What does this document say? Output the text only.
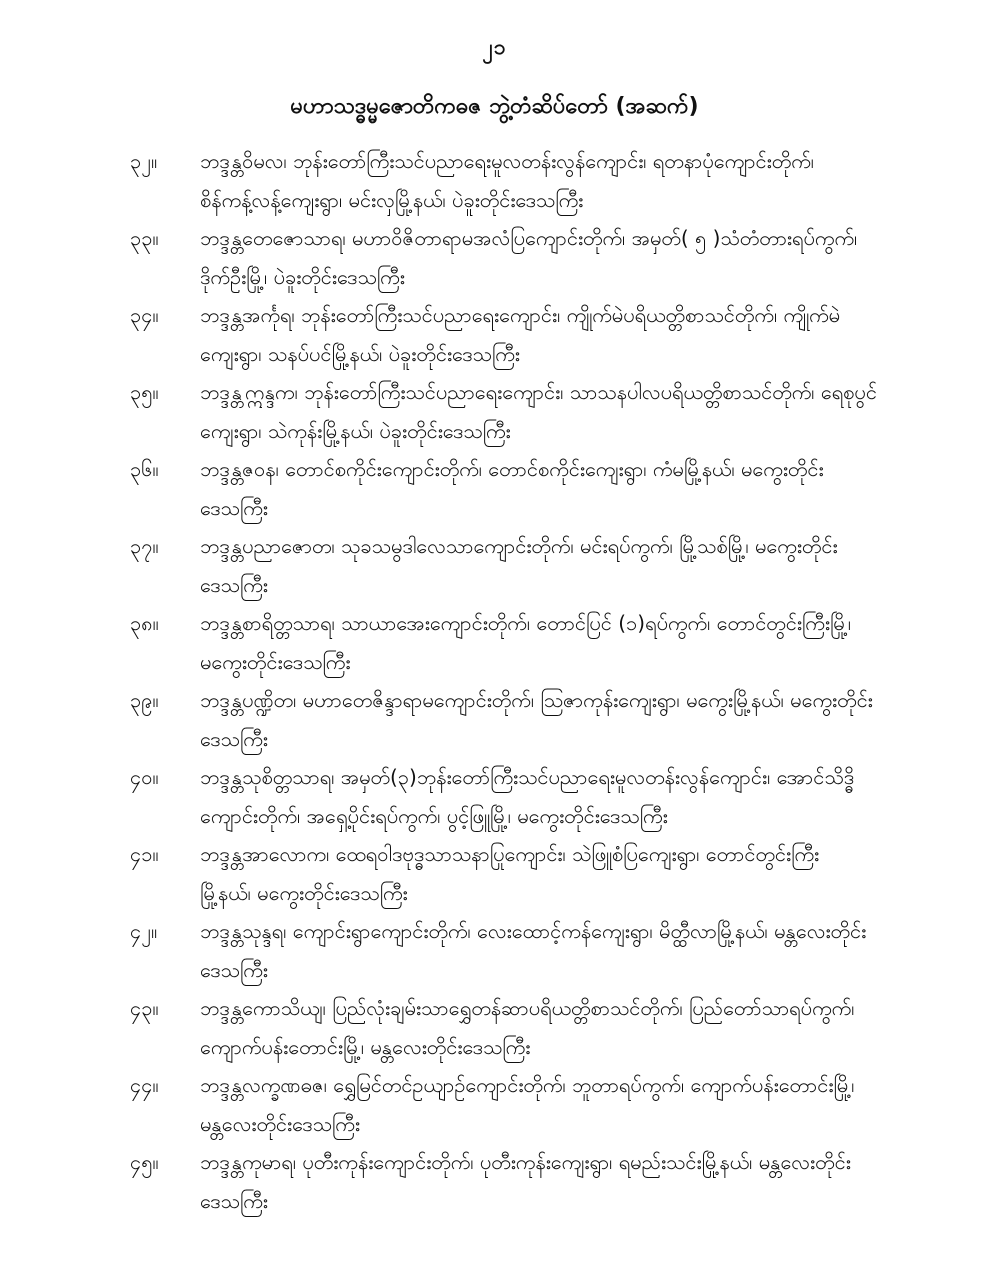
၂၁
မဟာသဒ္ဓမ္မဇောတိကဓဇ ဘွဲ့တံဆိပ်တော် (အဆက်)
၃၂။	ဘဒ္ဒန္တဝိမလ၊ ဘုန်းတော်ကြီးသင်ပညာရေးမူလတန်းလွန်ကျောင်း၊ ရတနာပုံကျောင်းတိုက်၊
စိန်ကန့်လန့်ကျေးရွာ၊ မင်းလှမြို့နယ်၊ ပဲခူးတိုင်းဒေသကြီး
၃၃။	ဘဒ္ဒန္တတေဇောသာရ၊ မဟာဝိဇိတာရာမအလံပြကျောင်းတိုက်၊ အမှတ်( ၅ )သံတံတားရပ်ကွက်၊
ဒိုက်ဦးမြို့၊ ပဲခူးတိုင်းဒေသကြီး
၃၄။	ဘဒ္ဒန္တအင်္ကုရ၊ ဘုန်းတော်ကြီးသင်ပညာရေးကျောင်း၊ ကျိုက်မဲပရိယတ္တိစာသင်တိုက်၊ ကျိုက်မဲ
ကျေးရွာ၊ သနပ်ပင်မြို့နယ်၊ ပဲခူးတိုင်းဒေသကြီး
၃၅။	ဘဒ္ဒန္တဣန္ဒက၊ ဘုန်းတော်ကြီးသင်ပညာရေးကျောင်း၊ သာသနပါလပရိယတ္တိစာသင်တိုက်၊ ရေစုပွင်
ကျေးရွာ၊ သဲကုန်းမြို့နယ်၊ ပဲခူးတိုင်းဒေသကြီး
၃၆။	ဘဒ္ဒန္တဇဝန၊ တောင်စကိုင်းကျောင်းတိုက်၊ တောင်စကိုင်းကျေးရွာ၊ ကံမမြို့နယ်၊ မကွေးတိုင်း
ဒေသကြီး
၃၇။	ဘဒ္ဒန္တပညာဇောတ၊ သုခသမွဒါလေသာကျောင်းတိုက်၊ မင်းရပ်ကွက်၊ မြို့သစ်မြို့၊ မကွေးတိုင်း
ဒေသကြီး
၃၈။	ဘဒ္ဒန္တစာရိတ္တသာရ၊ သာယာအေးကျောင်းတိုက်၊ တောင်ပြင် (၁)ရပ်ကွက်၊ တောင်တွင်းကြီးမြို့၊
မကွေးတိုင်းဒေသကြီး
၃၉။	ဘဒ္ဒန္တပဏ္ဍိတ၊ မဟာတေဇိန္ဒာရာမကျောင်းတိုက်၊ သြဇာကုန်းကျေးရွာ၊ မကွေးမြို့နယ်၊ မကွေးတိုင်း
ဒေသကြီး
၄၀။	ဘဒ္ဒန္တသုစိတ္တသာရ၊ အမှတ်(၃)ဘုန်းတော်ကြီးသင်ပညာရေးမူလတန်းလွန်ကျောင်း၊ အောင်သိဒ္ဓိ
ကျောင်းတိုက်၊ အရှေ့ပိုင်းရပ်ကွက်၊ ပွင့်ဖြူမြို့၊ မကွေးတိုင်းဒေသကြီး
၄၁။	ဘဒ္ဒန္တအာလောက၊ ထေရဝါဒဗုဒ္ဓသာသနာပြုကျောင်း၊ သဲဖြူစံပြကျေးရွာ၊ တောင်တွင်းကြီး
မြို့နယ်၊ မကွေးတိုင်းဒေသကြီး
၄၂။	ဘဒ္ဒန္တသုန္ဒရ၊ ကျောင်းရွာကျောင်းတိုက်၊ လေးထောင့်ကန်ကျေးရွာ၊ မိတ္ထီလာမြို့နယ်၊ မန္တလေးတိုင်း
ဒေသကြီး
၄၃။	ဘဒ္ဒန္တကောသိယျ၊ ပြည်လုံးချမ်းသာရွှေတန်ဆာပရိယတ္တိစာသင်တိုက်၊ ပြည်တော်သာရပ်ကွက်၊
ကျောက်ပန်းတောင်းမြို့၊ မန္တလေးတိုင်းဒေသကြီး
၄၄။	ဘဒ္ဒန္တလက္ခဏဓဇ၊ ရွှေမြင်တင်ဥယျာဉ်ကျောင်းတိုက်၊ ဘူတာရပ်ကွက်၊ ကျောက်ပန်းတောင်းမြို့၊
မန္တလေးတိုင်းဒေသကြီး
၄၅။	ဘဒ္ဒန္တကုမာရ၊ ပုတီးကုန်းကျောင်းတိုက်၊ ပုတီးကုန်းကျေးရွာ၊ ရမည်းသင်းမြို့နယ်၊ မန္တလေးတိုင်း
ဒေသကြီး
